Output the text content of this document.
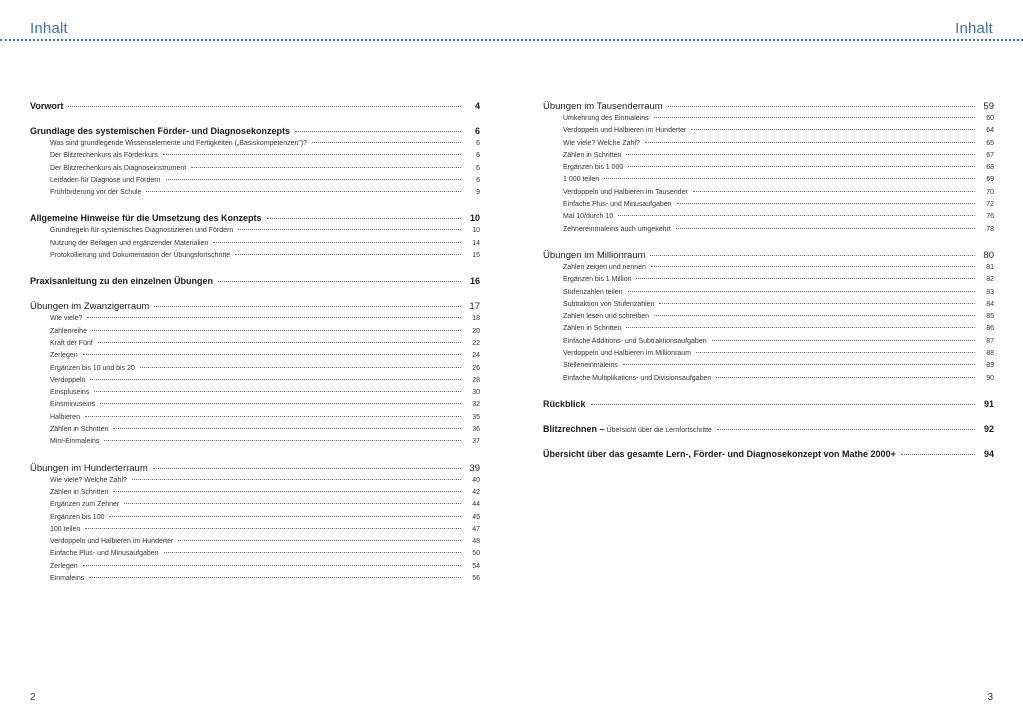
Inhalt	Inhalt
Vorwort	4
Grundlage des systemischen Förder- und Diagnosekonzepts	6
Was sind grundlegende Wissenselemente und Fertigkeiten („Basiskompetenzen")?	6
Der Blitzrechenkurs als Förderkurs	6
Der Blitzrechenkurs als Diagnoseinstrument	6
Leitfaden für Diagnose und Fördern	6
Frühförderung vor der Schule	9
Allgemeine Hinweise für die Umsetzung des Konzepts	10
Grundregeln für systemisches Diagnostizieren und Fördern	10
Nutzung der Beilagen und ergänzender Materialien	14
Protokollierung und Dokumentation der Übungsfortschritte	15
Praxisanleitung zu den einzelnen Übungen	16
Übungen im Zwanzigerraum	17
Wie viele?	18
Zahlenreihe	20
Kraft der Fünf	22
Zerlegen	24
Ergänzen bis 10 und bis 20	26
Verdoppeln	28
Einspluseins	30
Einsminuseins	32
Halbieren	35
Zählen in Schritten	36
Mini-Einmaleins	37
Übungen im Hunderterraum	39
Wie viele? Welche Zahl?	40
Zählen in Schritten	42
Ergänzen zum Zehner	44
Ergänzen bis 100	45
100 teilen	47
Verdoppeln und Halbieren im Hunderter	48
Einfache Plus- und Minusaufgaben	50
Zerlegen	54
Einmaleins	56
Übungen im Tausenderraum	59
Umkehrung des Einmaleins	60
Verdoppeln und Halbieren im Hunderter	64
Wie viele? Welche Zahl?	65
Zählen in Schritten	67
Ergänzen bis 1 000	68
1 000 teilen	69
Verdoppeln und Halbieren im Tausender	70
Einfache Plus- und Minusaufgaben	72
Mal 10/durch 10	76
Zehnereinmaleins auch umgekehrt	78
Übungen im Millionraum	80
Zahlen zeigen und nennen	81
Ergänzen bis 1 Million	82
Stufenzahlen teilen	83
Subtraktion von Stufenzahlen	84
Zahlen lesen und schreiben	85
Zählen in Schritten	86
Einfache Additions- und Subtraktionsaufgaben	87
Verdoppeln und Halbieren im Millionraum	88
Stelleneinmaleins	89
Einfache Multiplikations- und Divisionsaufgaben	90
Rückblick	91
Blitzrechnen – Übersicht über die Lernfortschritte	92
Übersicht über das gesamte Lern-, Förder- und Diagnosekonzept von Mathe 2000+	94
2	3
